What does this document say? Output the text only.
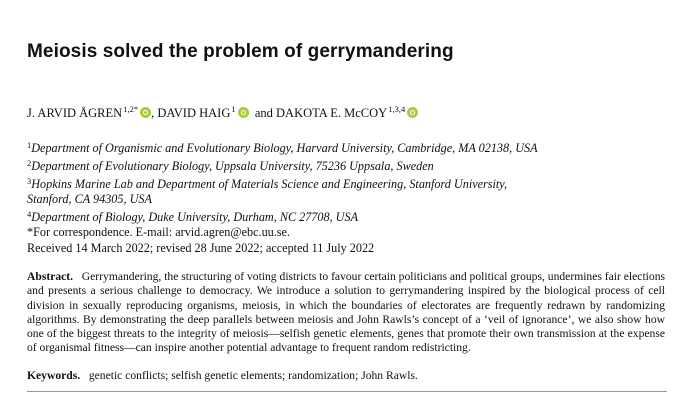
Meiosis solved the problem of gerrymandering
J. ARVID $ÅGREN^{1,2*}$ , DAVID HAIG$^1$ and DAKOTA E. McCOY$^{1,3,4}$
$^1$Department of Organismic and Evolutionary Biology, Harvard University, Cambridge, MA 02138, USA
$^2$Department of Evolutionary Biology, Uppsala University, 75236 Uppsala, Sweden
$^3$Hopkins Marine Lab and Department of Materials Science and Engineering, Stanford University,
Stanford, CA 94305, USA
$^4$Department of Biology, Duke University, Durham, NC 27708, USA
*For correspondence. E-mail: arvid.agren@ebc.uu.se.
Received 14 March 2022; revised 28 June 2022; accepted 11 July 2022
Abstract. Gerrymandering, the structuring of voting districts to favour certain politicians and political groups, undermines fair elections and presents a serious challenge to democracy. We introduce a solution to gerrymandering inspired by the biological process of cell division in sexually reproducing organisms, meiosis, in which the boundaries of electorates are frequently redrawn by randomizing algorithms. By demonstrating the deep parallels between meiosis and John Rawls’s concept of a ‘veil of ignorance’, we also show how one of the biggest threats to the integrity of meiosis—selfish genetic elements, genes that promote their own transmission at the expense of organismal fitness—can inspire another potential advantage to frequent random redistricting.
Keywords. genetic conflicts; selfish genetic elements; randomization; John Rawls.
